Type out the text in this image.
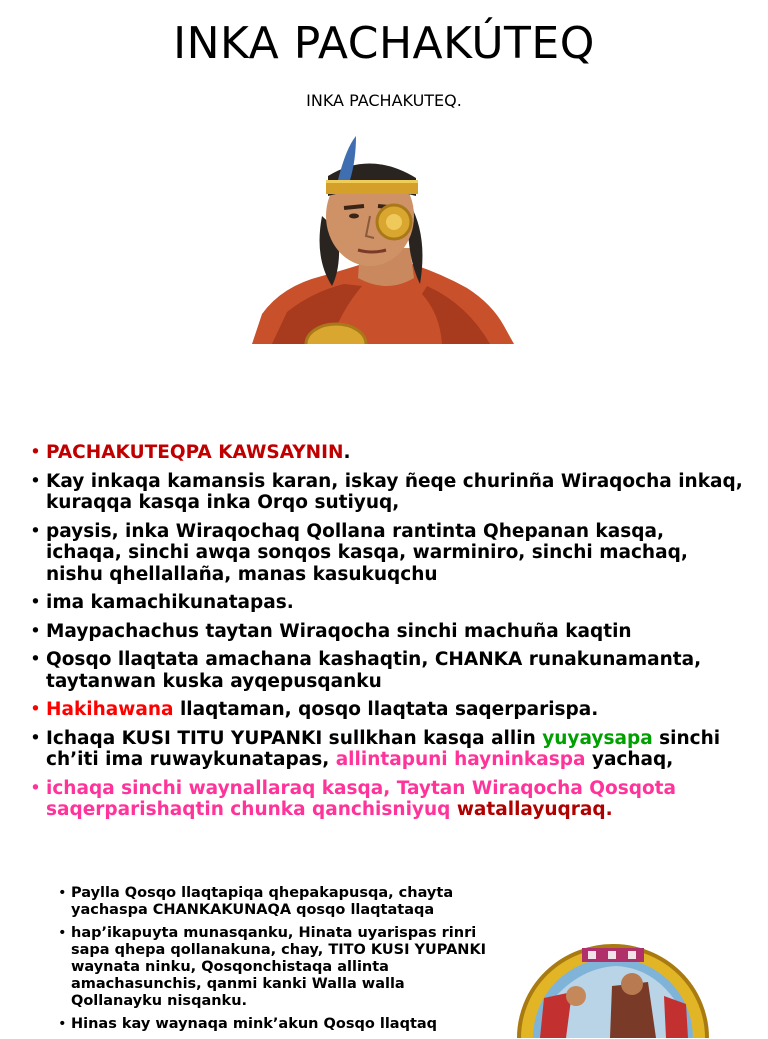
INKA PACHAKÚTEQ
INKA PACHAKUTEQ.
• PACHAKUTEQPA KAWSAYNIN.
• Kay inkaqa kamansis karan, iskay ñeqe churinña Wiraqocha inkaq, kuraqqa kasqa inka Orqo sutiyuq,
• paysis, inka Wiraqochaq Qollana rantinta Qhepanan kasqa, ichaqa, sinchi awqa sonqos kasqa, warminiro, sinchi machaq, nishu qhellallaña, manas kasukuqchu
• ima kamachikunatapas.
• Maypachachus taytan Wiraqocha sinchi machuña kaqtin
• Qosqo llaqtata amachana kashaqtin, CHANKA runakunamanta, taytanwan kuska ayqepusqanku
• Hakihawana llaqtaman, qosqo llaqtata saqerparispa.
• Ichaqa KUSI TITU YUPANKI sullkhan kasqa allin yuyaysapa sinchi ch’iti ima ruwaykunatapas, allintapuni hayninkaspa yachaq,
• ichaqa sinchi waynallaraq kasqa, Taytan Wiraqocha Qosqota saqerparishaqtin chunka qanchisniyuq watallayuqraq.
• Paylla Qosqo llaqtapiqa qhepakapusqa, chayta yachaspa CHANKAKUNAQA qosqo llaqtataqa
• hap’ikapuyta munasqanku, Hinata uyarispas rinri sapa qhepa qollanakuna, chay, TITO KUSI YUPANKI waynata ninku, Qosqonchistaqa allinta amachasunchis, qanmi kanki Walla walla Qollanayku nisqanku.
• Hinas kay waynaqa mink’akun Qosqo llaqtaq
